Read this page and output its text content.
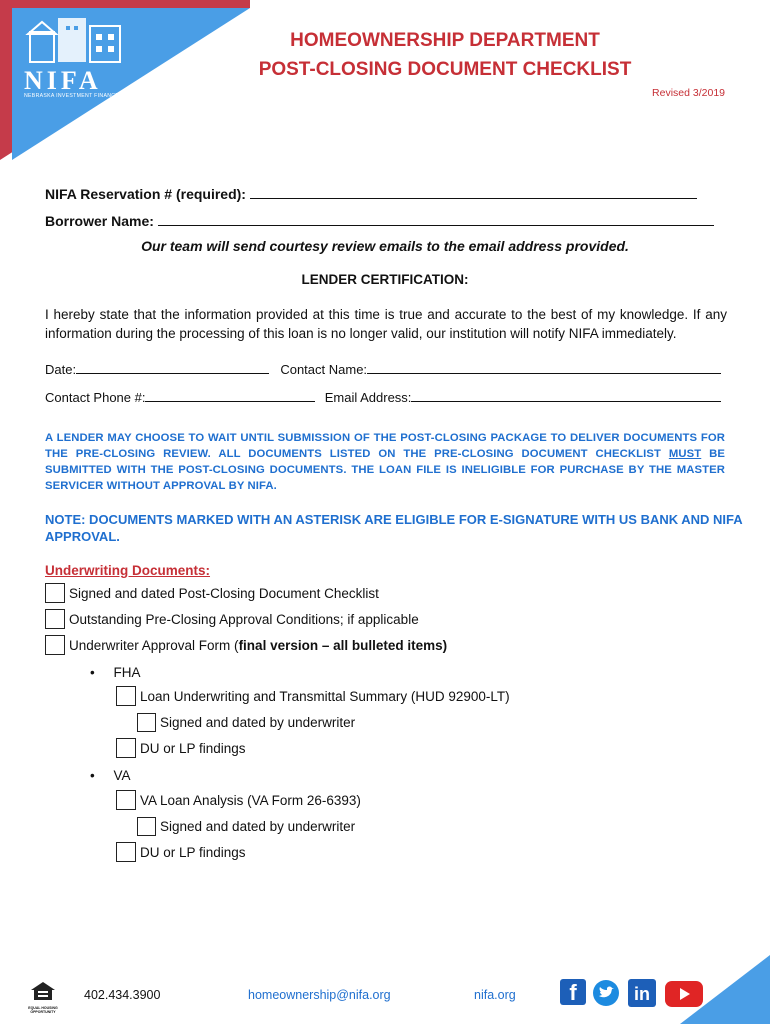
NIFA
NEBRASKA INVESTMENT FINANCE AUTHORITY
HOMEOWNERSHIP DEPARTMENT
POST-CLOSING DOCUMENT CHECKLIST
Revised 3/2019
NIFA Reservation # (required):
Borrower Name:
Our team will send courtesy review emails to the email address provided.
LENDER CERTIFICATION:
I hereby state that the information provided at this time is true and accurate to the best of my knowledge. If any information during the processing of this loan is no longer valid, our institution will notify NIFA immediately.
Date:	Contact Name:
Contact Phone #:	Email Address:
A LENDER MAY CHOOSE TO WAIT UNTIL SUBMISSION OF THE POST-CLOSING PACKAGE TO DELIVER DOCUMENTS FOR THE PRE-CLOSING REVIEW. ALL DOCUMENTS LISTED ON THE PRE-CLOSING DOCUMENT CHECKLIST MUST BE SUBMITTED WITH THE POST-CLOSING DOCUMENTS. THE LOAN FILE IS INELIGIBLE FOR PURCHASE BY THE MASTER SERVICER WITHOUT APPROVAL BY NIFA.
NOTE: DOCUMENTS MARKED WITH AN ASTERISK ARE ELIGIBLE FOR E-SIGNATURE WITH US BANK AND NIFA APPROVAL.
Underwriting Documents:
Signed and dated Post-Closing Document Checklist
Outstanding Pre-Closing Approval Conditions; if applicable
Underwriter Approval Form ( final version – all bulleted items)
•     FHA
Loan Underwriting and Transmittal Summary (HUD 92900-LT)
Signed and dated by underwriter
DU or LP findings
•     VA
VA Loan Analysis (VA Form 26-6393)
Signed and dated by underwriter
DU or LP findings
EQUAL HOUSING OPPORTUNITY
402.434.3900	homeownership@nifa.org	nifa.org	f	in
